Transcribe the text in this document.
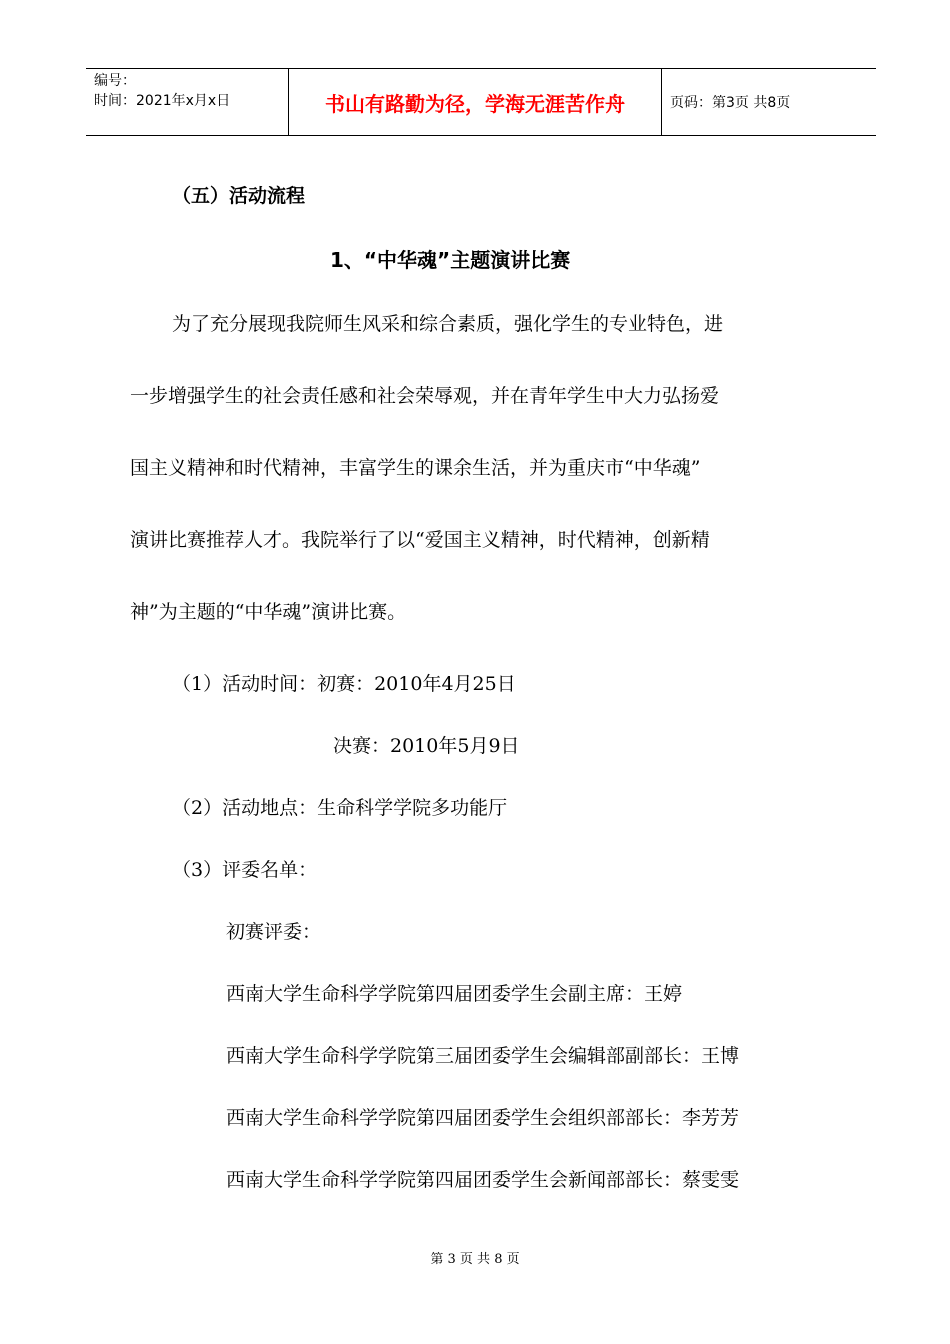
编号：
时间：2021年x月x日	书山有路勤为径，学海无涯苦作舟	页码：第3页 共8页
（五）活动流程
1、“中华魂”主题演讲比赛
为了充分展现我院师生风采和综合素质，强化学生的专业特色，进
一步增强学生的社会责任感和社会荣辱观，并在青年学生中大力弘扬爱
国主义精神和时代精神，丰富学生的课余生活，并为重庆市“中华魂”
演讲比赛推荐人才。我院举行了以“爱国主义精神，时代精神，创新精
神”为主题的“中华魂”演讲比赛。
（1）活动时间：初赛：2010年4月25日
决赛：2010年5月9日
（2）活动地点：生命科学学院多功能厅
（3）评委名单：
初赛评委：
西南大学生命科学学院第四届团委学生会副主席：王婷
西南大学生命科学学院第三届团委学生会编辑部副部长：王博
西南大学生命科学学院第四届团委学生会组织部部长：李芳芳
西南大学生命科学学院第四届团委学生会新闻部部长：蔡雯雯
第 3 页 共 8 页
